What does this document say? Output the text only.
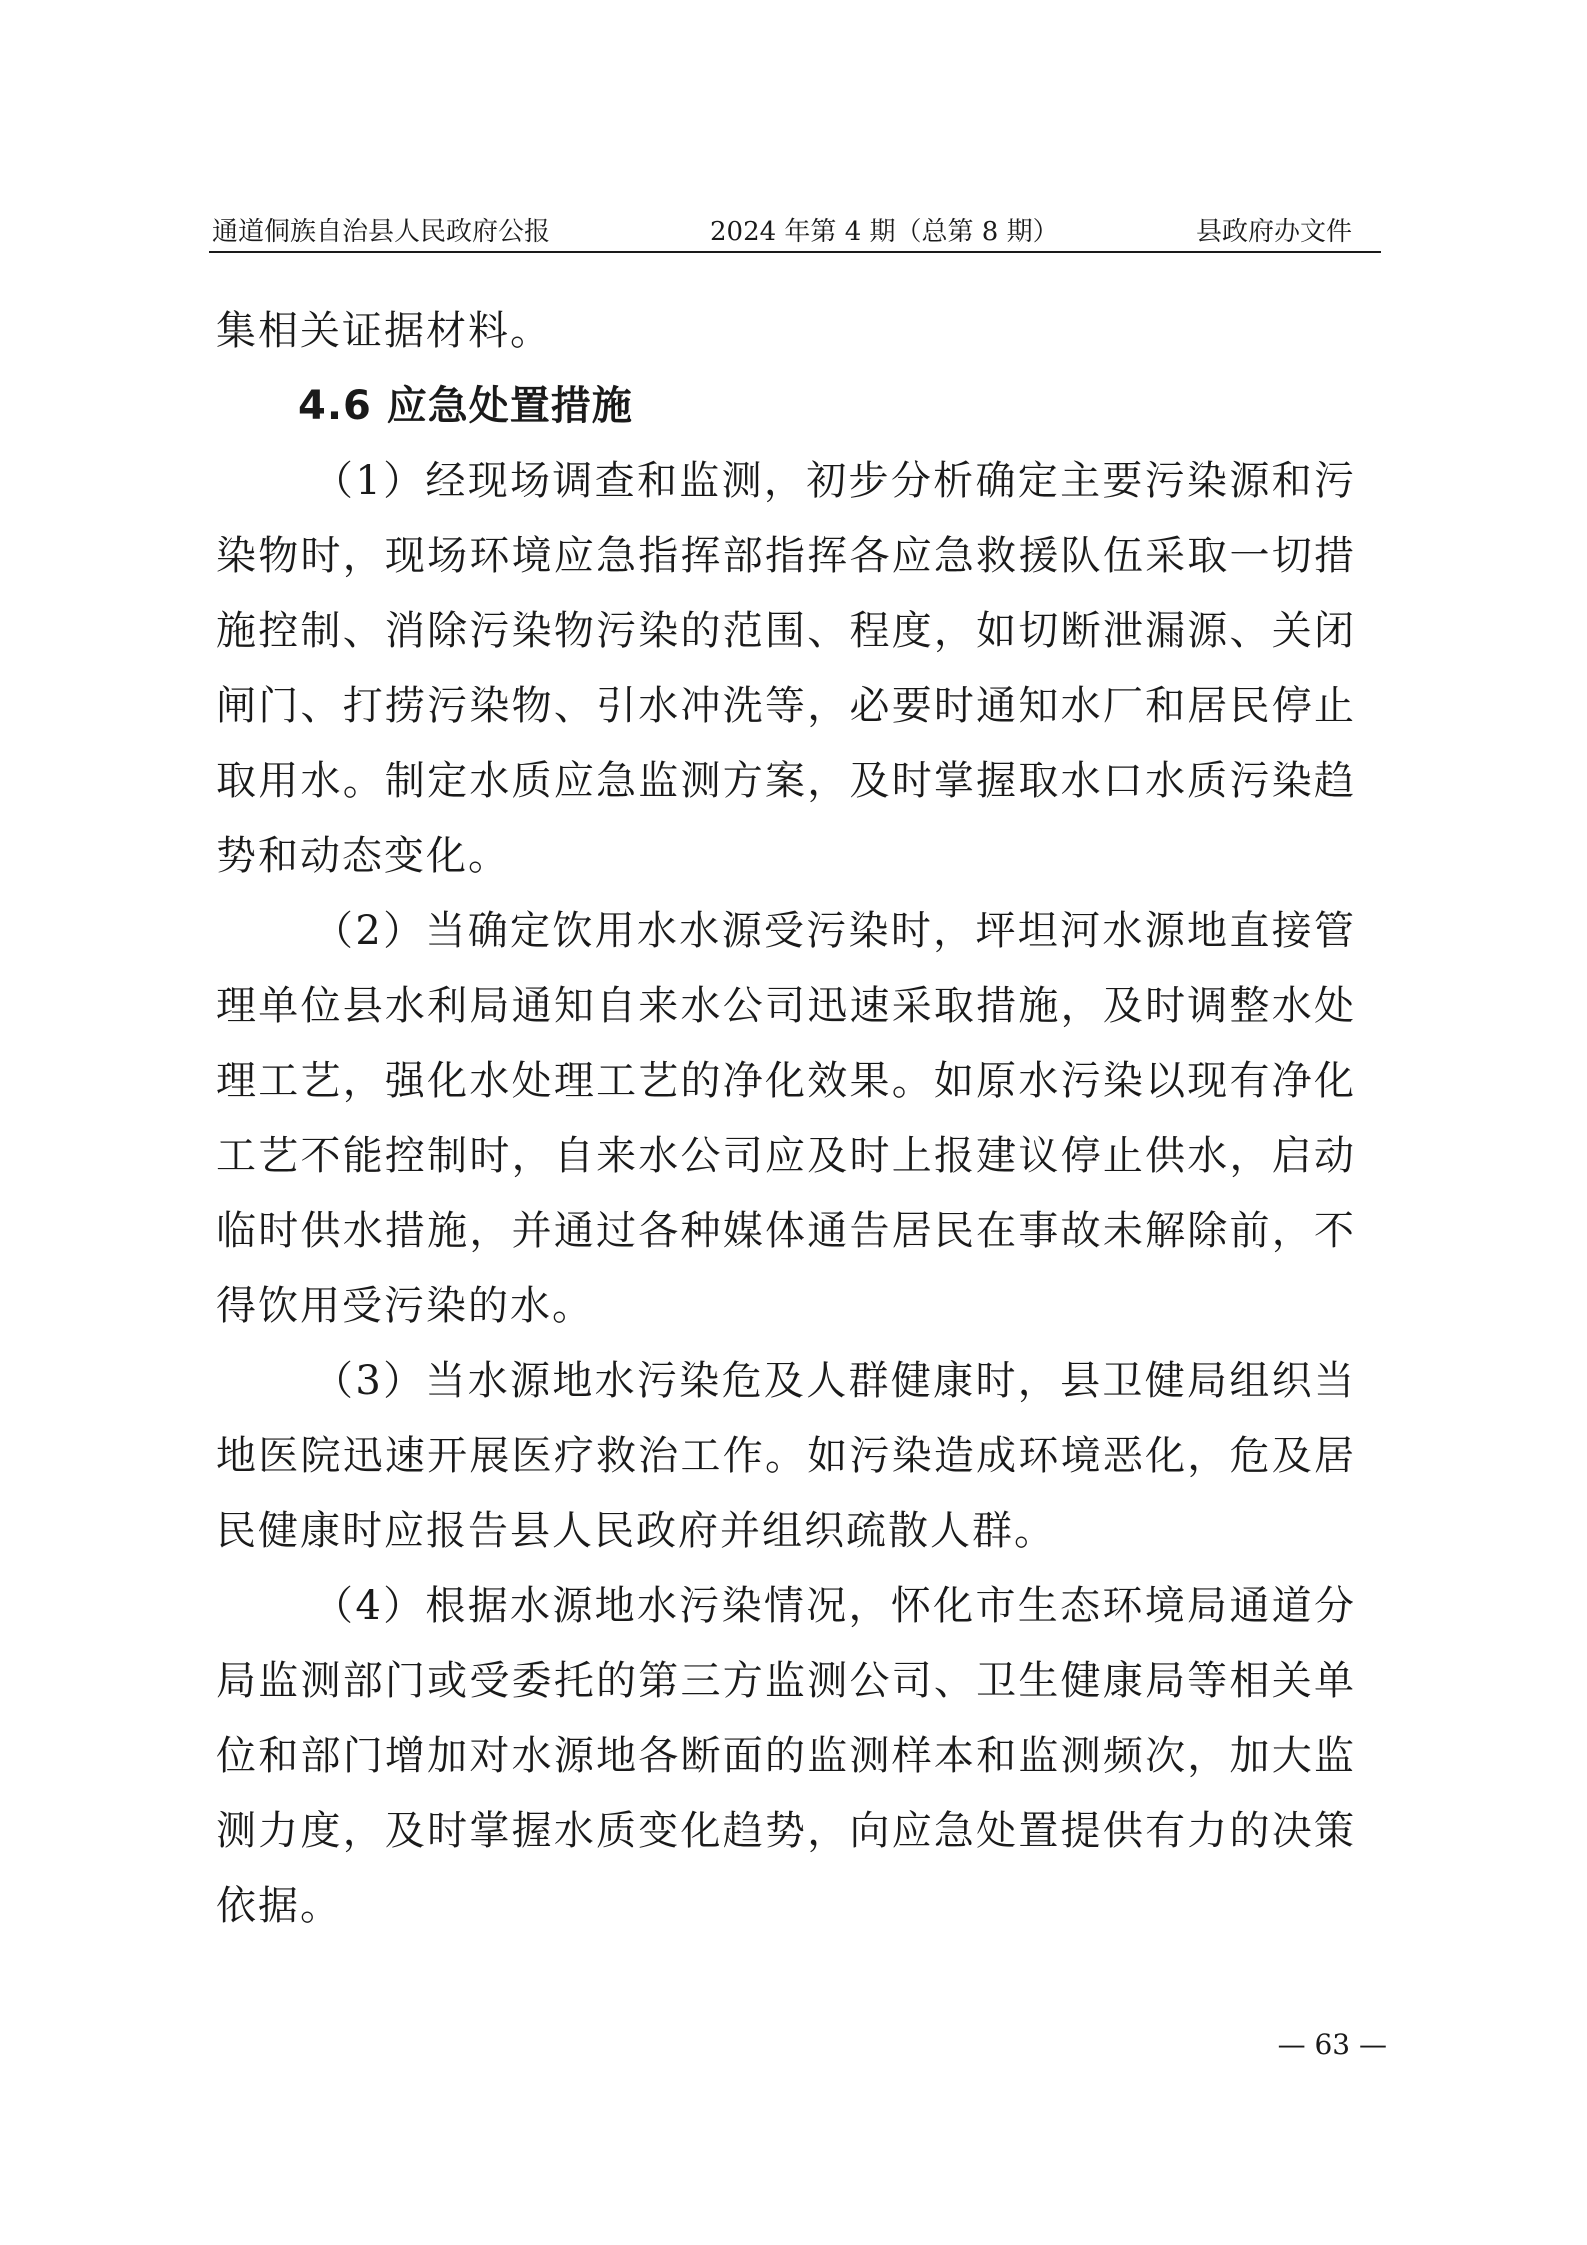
通道侗族自治县人民政府公报	2024 年第 4 期（总第 8 期）	县政府办文件

集相关证据材料。

4.6 应急处置措施

（1）经现场调查和监测，初步分析确定主要污染源和污染物时，现场环境应急指挥部指挥各应急救援队伍采取一切措施控制、消除污染物污染的范围、程度，如切断泄漏源、关闭闸门、打捞污染物、引水冲洗等，必要时通知水厂和居民停止取用水。制定水质应急监测方案，及时掌握取水口水质污染趋势和动态变化。

（2）当确定饮用水水源受污染时，坪坦河水源地直接管理单位县水利局通知自来水公司迅速采取措施，及时调整水处理工艺，强化水处理工艺的净化效果。如原水污染以现有净化工艺不能控制时，自来水公司应及时上报建议停止供水，启动临时供水措施，并通过各种媒体通告居民在事故未解除前，不得饮用受污染的水。

（3）当水源地水污染危及人群健康时，县卫健局组织当地医院迅速开展医疗救治工作。如污染造成环境恶化，危及居民健康时应报告县人民政府并组织疏散人群。

（4）根据水源地水污染情况，怀化市生态环境局通道分局监测部门或受委托的第三方监测公司、卫生健康局等相关单位和部门增加对水源地各断面的监测样本和监测频次，加大监测力度，及时掌握水质变化趋势，向应急处置提供有力的决策依据。

— 63 —
